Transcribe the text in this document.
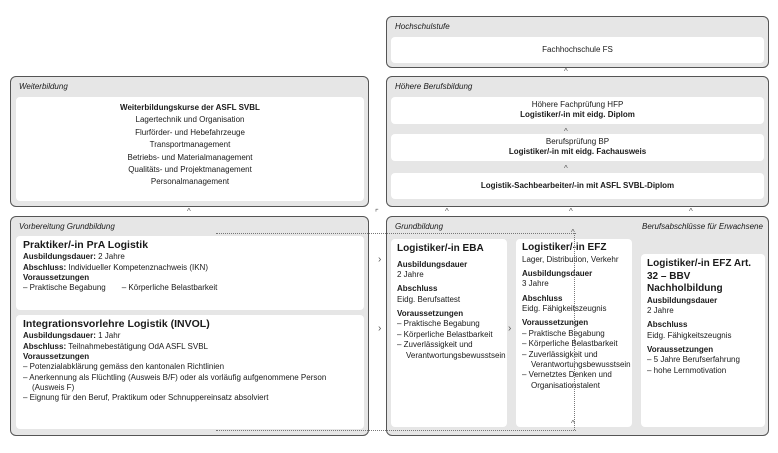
Hochschulstufe
Fachhochschule FS
Höhere Berufsbildung

Höhere Fachprüfung HFP

Logistiker/-in mit eidg. Diplom

Berufsprüfung BP

Logistiker/-in mit eidg. Fachausweis

Logistik-Sachbearbeiter/-in mit ASFL SVBL-Diplom
Weiterbildung

Weiterbildungskurse der ASFL SVBL

Lagertechnik und Organisation

Flurförder- und Hebefahrzeuge

Transportmanagement

Betriebs- und Materialmanagement

Qualitäts- und Projektmanagement

Personalmanagement

Vorbereitung Grundbildung

Praktiker/-in PrA Logistik

Ausbildungsdauer: 2 Jahre

Abschluss: Individueller Kompetenznachweis (IKN)

Voraussetzungen

– Praktische Begabung – Körperliche Belastbarkeit

Integrationsvorlehre Logistik (INVOL)

Ausbildungsdauer: 1 Jahr

Abschluss: Teilnahmebestätigung OdA ASFL SVBL

Voraussetzungen

– Potenzialabklärung gemäss den kantonalen Richtlinien

– Anerkennung als Flüchtling (Ausweis B/F) oder als vorläufig aufgenommene Person (Ausweis F)

– Eignung für den Beruf, Praktikum oder Schnuppereinsatz absolviert

Grundbildung	Berufsabschlüsse für Erwachsene

Logistiker/-in EBA

Ausbildungsdauer

2 Jahre

Abschluss

Eidg. Berufsattest

Voraussetzungen

– Praktische Begabung

– Körperliche Belastbarkeit

– Zuverlässigkeit und Verantwortungsbewusstsein

Logistiker/-in EFZ

Lager, Distribution, Verkehr

Ausbildungsdauer

3 Jahre

Abschluss

Eidg. Fähigkeitszeugnis

Voraussetzungen

– Praktische Begabung

– Körperliche Belastbarkeit

– Zuverlässigkeit und Verantwortungsbewusstsein

– Vernetztes Denken und Organisationstalent

Logistiker/-in EFZ Art. 32 – BBV Nachholbildung

Ausbildungsdauer

2 Jahre

Abschluss

Eidg. Fähigkeitszeugnis

Voraussetzungen

– 5 Jahre Berufserfahrung

– hohe Lernmotivation

^
^
^
^	^	^	^
^
^
⌜
›
›	›
